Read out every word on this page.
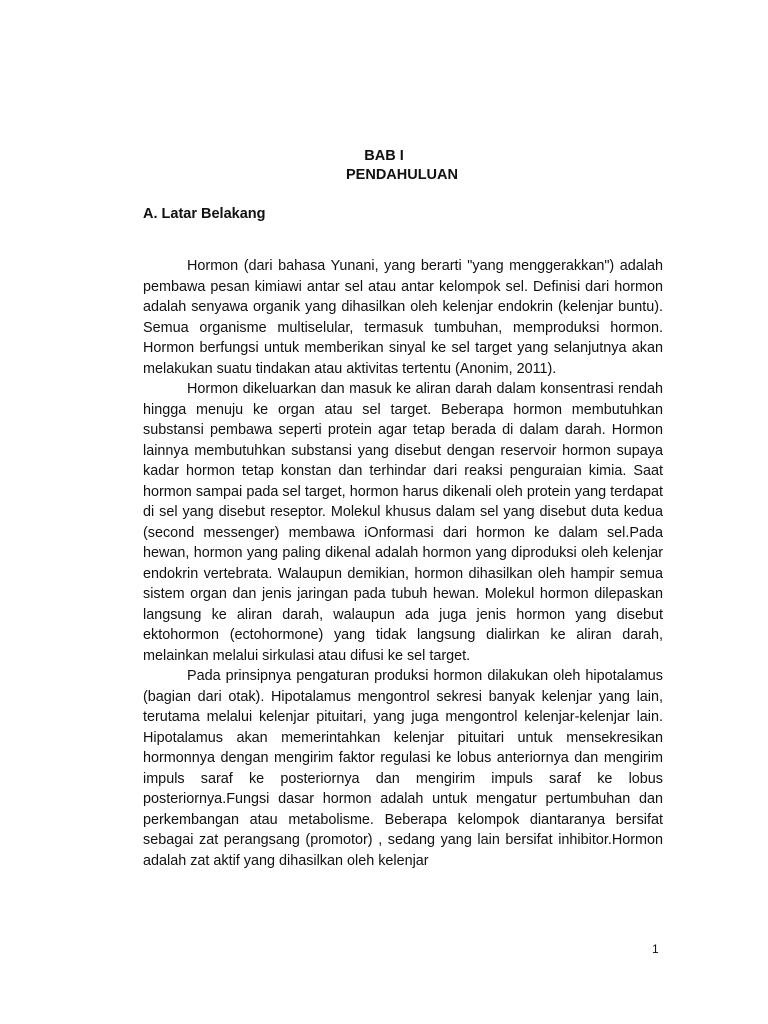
BAB I
PENDAHULUAN
A. Latar Belakang

Hormon (dari bahasa Yunani, yang berarti "yang menggerakkan") adalah pembawa pesan kimiawi antar sel atau antar kelompok sel. Definisi dari hormon adalah senyawa organik yang dihasilkan oleh kelenjar endokrin (kelenjar buntu). Semua organisme multiselular, termasuk tumbuhan, memproduksi hormon. Hormon berfungsi untuk memberikan sinyal ke sel target yang selanjutnya akan melakukan suatu tindakan atau aktivitas tertentu (Anonim, 2011).

Hormon dikeluarkan dan masuk ke aliran darah dalam konsentrasi rendah hingga menuju ke organ atau sel target. Beberapa hormon membutuhkan substansi pembawa seperti protein agar tetap berada di dalam darah. Hormon lainnya membutuhkan substansi yang disebut dengan reservoir hormon supaya kadar hormon tetap konstan dan terhindar dari reaksi penguraian kimia. Saat hormon sampai pada sel target, hormon harus dikenali oleh protein yang terdapat di sel yang disebut reseptor. Molekul khusus dalam sel yang disebut duta kedua (second messenger) membawa iOnformasi dari hormon ke dalam sel.Pada hewan, hormon yang paling dikenal adalah hormon yang diproduksi oleh kelenjar endokrin vertebrata. Walaupun demikian, hormon dihasilkan oleh hampir semua sistem organ dan jenis jaringan pada tubuh hewan. Molekul hormon dilepaskan langsung ke aliran darah, walaupun ada juga jenis hormon yang disebut ektohormon (ectohormone) yang tidak langsung dialirkan ke aliran darah, melainkan melalui sirkulasi atau difusi ke sel target.

Pada prinsipnya pengaturan produksi hormon dilakukan oleh hipotalamus (bagian dari otak). Hipotalamus mengontrol sekresi banyak kelenjar yang lain, terutama melalui kelenjar pituitari, yang juga mengontrol kelenjar-kelenjar lain. Hipotalamus akan memerintahkan kelenjar pituitari untuk mensekresikan hormonnya dengan mengirim faktor regulasi ke lobus anteriornya dan mengirim impuls saraf ke posteriornya dan mengirim impuls saraf ke lobus posteriornya.Fungsi dasar hormon adalah untuk mengatur pertumbuhan dan perkembangan atau metabolisme. Beberapa kelompok diantaranya bersifat sebagai zat perangsang (promotor) , sedang yang lain bersifat inhibitor.Hormon adalah zat aktif yang dihasilkan oleh kelenjar

1
